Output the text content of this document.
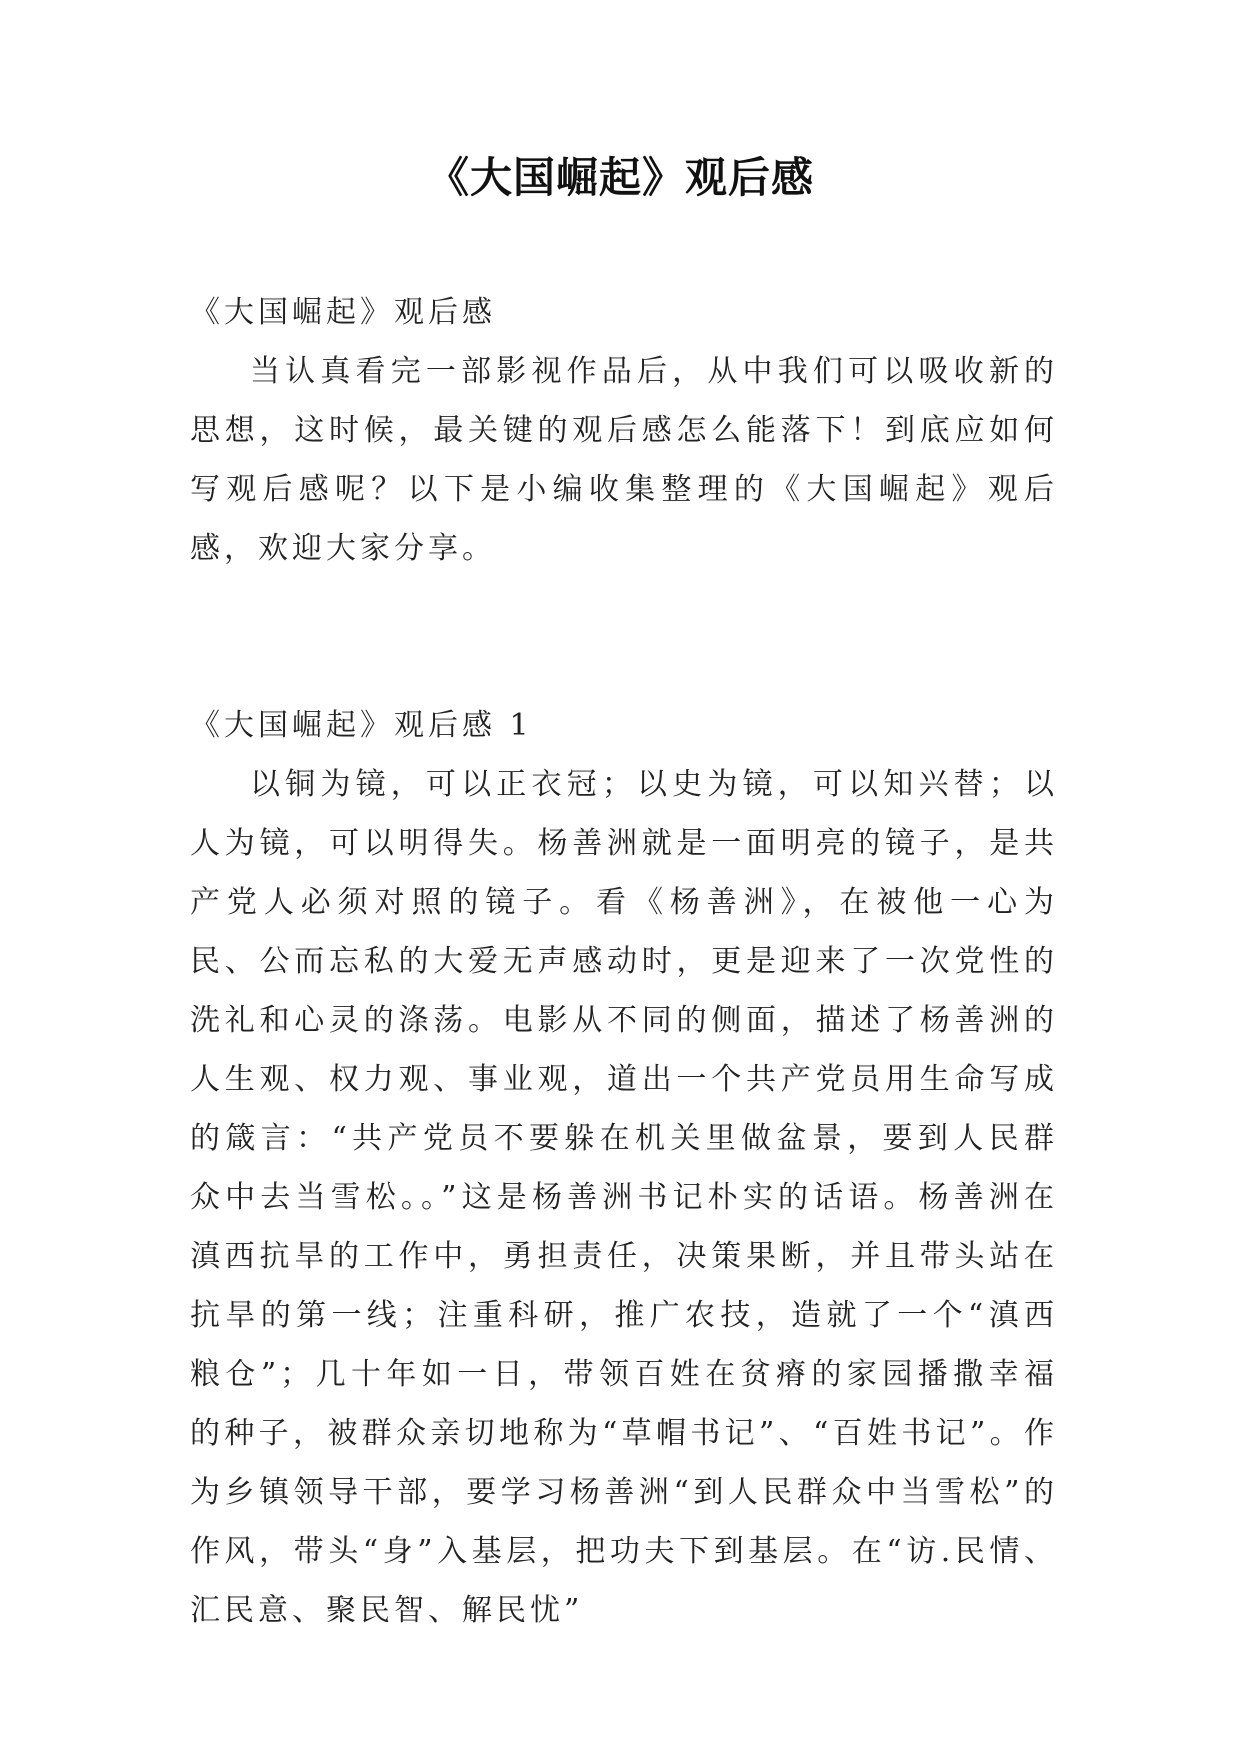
《大国崛起》观后感

《大国崛起》观后感

当认真看完一部影视作品后，从中我们可以吸收新的思想，这时候，最关键的观后感怎么能落下！到底应如何写观后感呢？以下是小编收集整理的《大国崛起》观后感，欢迎大家分享。

《大国崛起》观后感 1

以铜为镜，可以正衣冠；以史为镜，可以知兴替；以人为镜，可以明得失。杨善洲就是一面明亮的镜子，是共产党人必须对照的镜子。看《杨善洲》，在被他一心为民、公而忘私的大爱无声感动时，更是迎来了一次党性的洗礼和心灵的涤荡。电影从不同的侧面，描述了杨善洲的人生观、权力观、事业观，道出一个共产党员用生命写成的箴言：“共产党员不要躲在机关里做盆景，要到人民群众中去当雪松。。”这是杨善洲书记朴实的话语。杨善洲在滇西抗旱的工作中，勇担责任，决策果断，并且带头站在抗旱的第一线；注重科研，推广农技，造就了一个“滇西粮仓”；几十年如一日，带领百姓在贫瘠的家园播撒幸福的种子，被群众亲切地称为“草帽书记”、“百姓书记”。作为乡镇领导干部，要学习杨善洲“到人民群众中当雪松”的作风，带头“身”入基层，把功夫下到基层。在“访.民情、汇民意、聚民智、解民忧”
